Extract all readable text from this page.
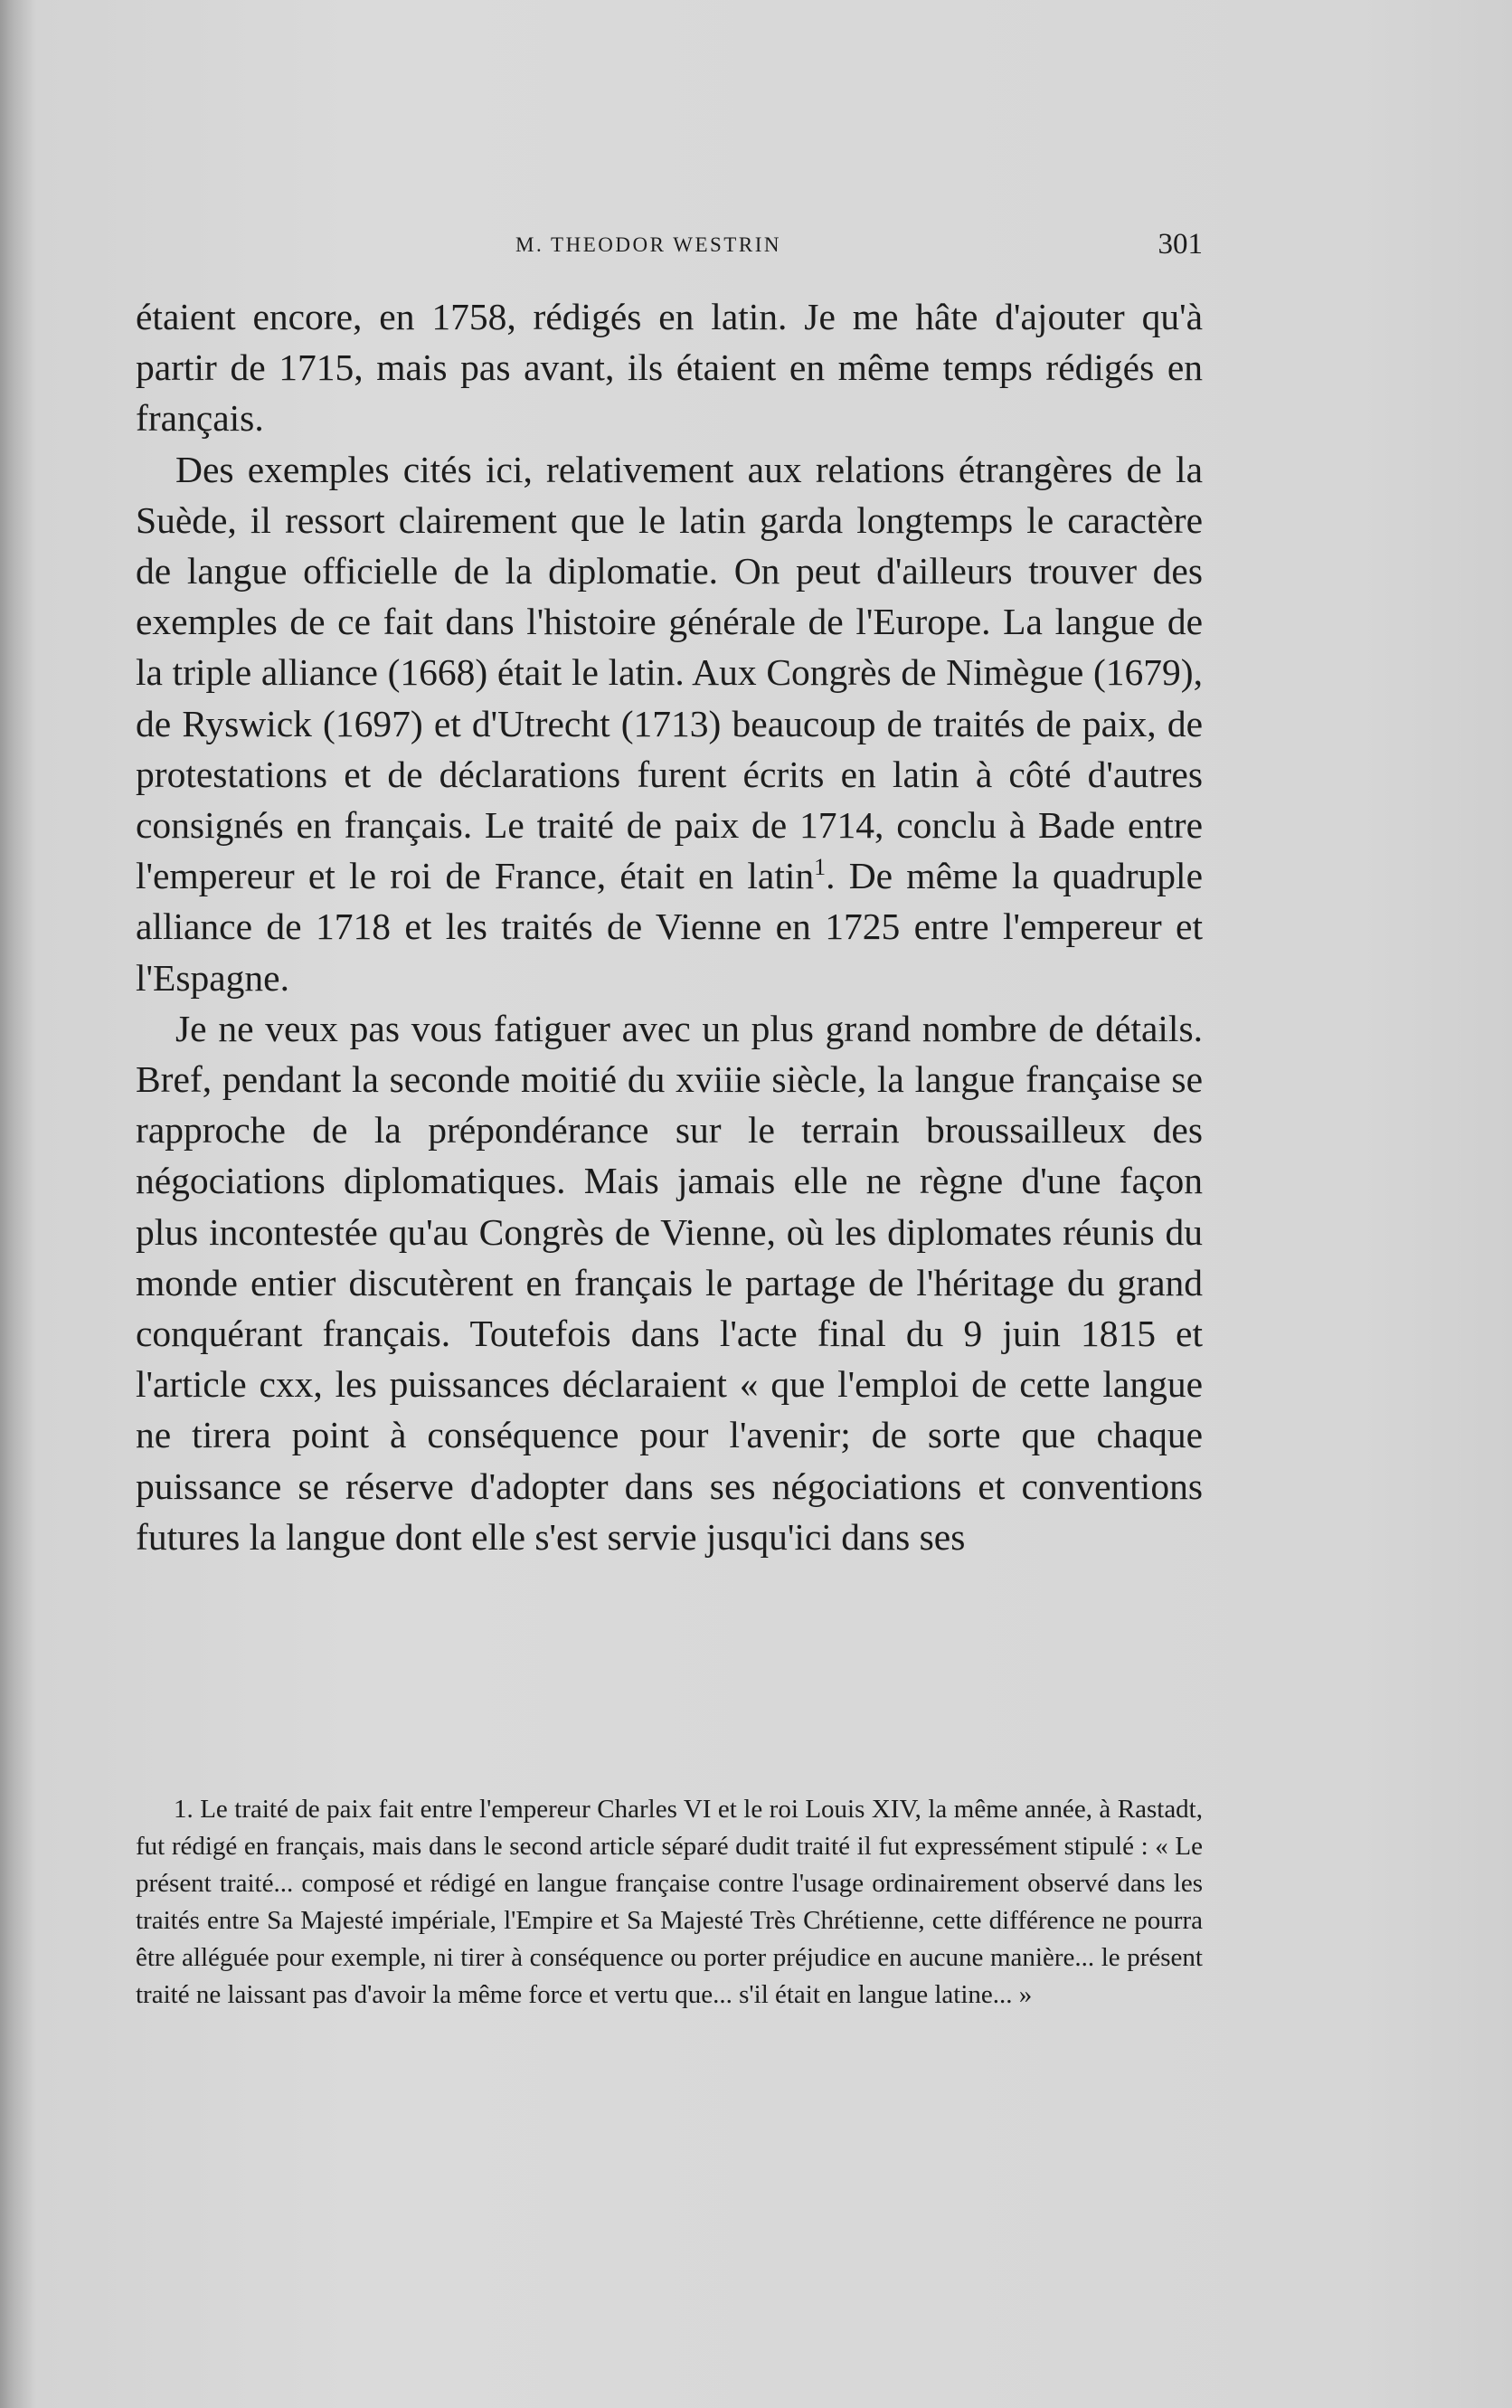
M. THEODOR WESTRIN	301

étaient encore, en 1758, rédigés en latin. Je me hâte d'ajouter qu'à partir de 1715, mais pas avant, ils étaient en même temps rédigés en français.

Des exemples cités ici, relativement aux relations étrangères de la Suède, il ressort clairement que le latin garda longtemps le caractère de langue officielle de la diplomatie. On peut d'ailleurs trouver des exemples de ce fait dans l'histoire générale de l'Europe. La langue de la triple alliance (1668) était le latin. Aux Congrès de Nimègue (1679), de Ryswick (1697) et d'Utrecht (1713) beaucoup de traités de paix, de protestations et de déclarations furent écrits en latin à côté d'autres consignés en français. Le traité de paix de 1714, conclu à Bade entre l'empereur et le roi de France, était en latin$^1$. De même la quadruple alliance de 1718 et les traités de Vienne en 1725 entre l'empereur et l'Espagne.

Je ne veux pas vous fatiguer avec un plus grand nombre de détails. Bref, pendant la seconde moitié du xviiie siècle, la langue française se rapproche de la prépondérance sur le terrain broussailleux des négociations diplomatiques. Mais jamais elle ne règne d'une façon plus incontestée qu'au Congrès de Vienne, où les diplomates réunis du monde entier discutèrent en français le partage de l'héritage du grand conquérant français. Toutefois dans l'acte final du 9 juin 1815 et l'article cxx, les puissances déclaraient « que l'emploi de cette langue ne tirera point à conséquence pour l'avenir; de sorte que chaque puissance se réserve d'adopter dans ses négociations et conventions futures la langue dont elle s'est servie jusqu'ici dans ses

1. Le traité de paix fait entre l'empereur Charles VI et le roi Louis XIV, la même année, à Rastadt, fut rédigé en français, mais dans le second article séparé dudit traité il fut expressément stipulé : « Le présent traité... composé et rédigé en langue française contre l'usage ordinairement observé dans les traités entre Sa Majesté impériale, l'Empire et Sa Majesté Très Chrétienne, cette différence ne pourra être alléguée pour exemple, ni tirer à conséquence ou porter préjudice en aucune manière... le présent traité ne laissant pas d'avoir la même force et vertu que... s'il était en langue latine... »
